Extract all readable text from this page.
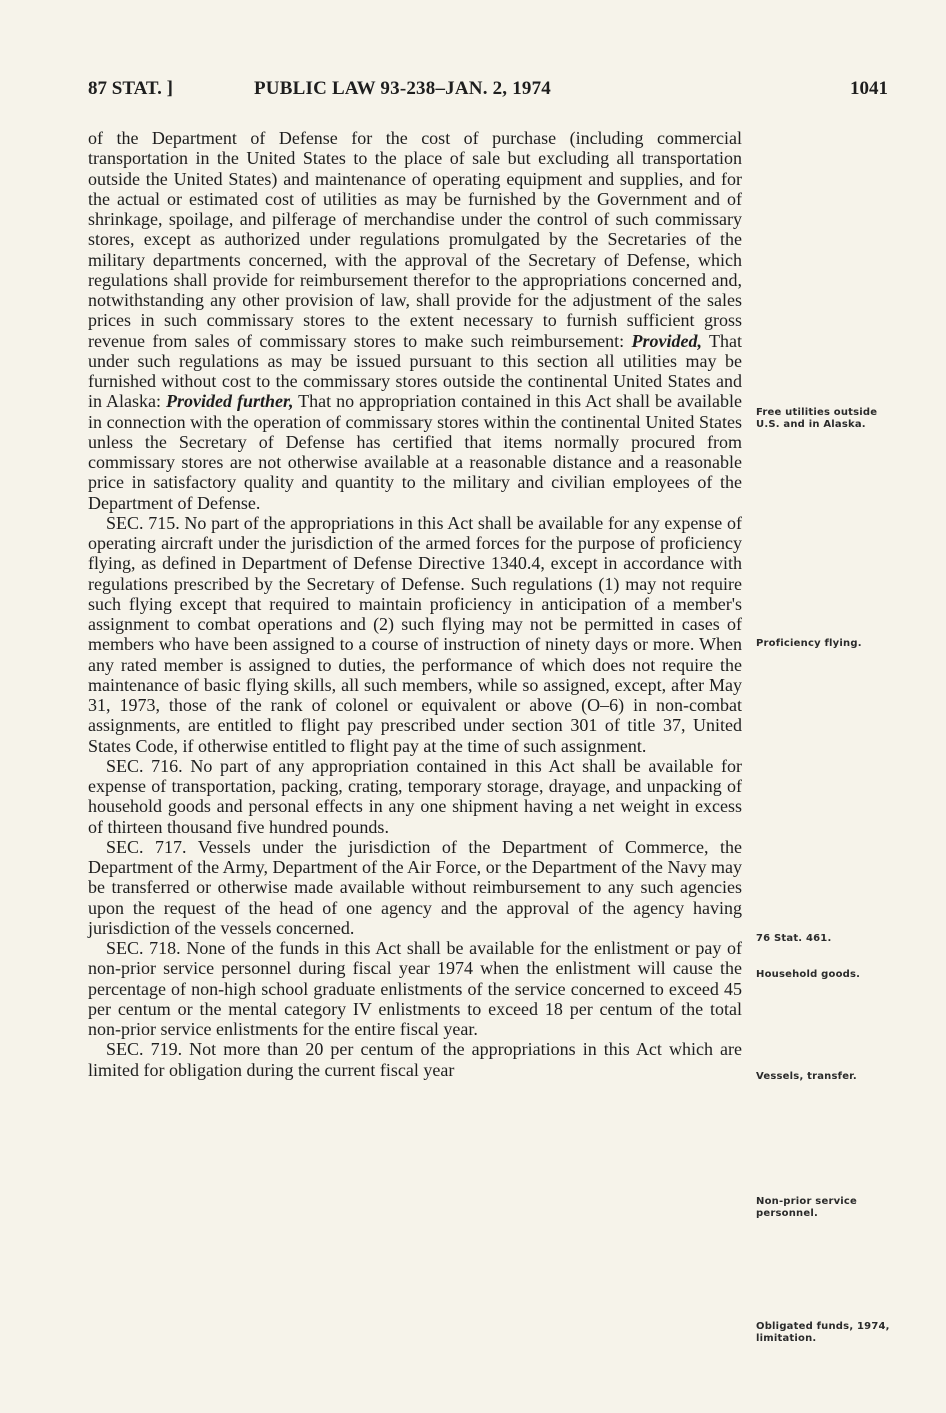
87 STAT. ]	PUBLIC LAW 93-238–JAN. 2, 1974	1041

of the Department of Defense for the cost of purchase (including commercial transportation in the United States to the place of sale but excluding all transportation outside the United States) and maintenance of operating equipment and supplies, and for the actual or estimated cost of utilities as may be furnished by the Government and of shrinkage, spoilage, and pilferage of merchandise under the control of such commissary stores, except as authorized under regulations promulgated by the Secretaries of the military departments concerned, with the approval of the Secretary of Defense, which regulations shall provide for reimbursement therefor to the appropriations concerned and, notwithstanding any other provision of law, shall provide for the adjustment of the sales prices in such commissary stores to the extent necessary to furnish sufficient gross revenue from sales of commissary stores to make such reimbursement: Provided, That under such regulations as may be issued pursuant to this section all utilities may be furnished without cost to the commissary stores outside the continental United States and in Alaska: Provided further, That no appropriation contained in this Act shall be available in connection with the operation of commissary stores within the continental United States unless the Secretary of Defense has certified that items normally procured from commissary stores are not otherwise available at a reasonable distance and a reasonable price in satisfactory quality and quantity to the military and civilian employees of the Department of Defense.

SEC. 715. No part of the appropriations in this Act shall be available for any expense of operating aircraft under the jurisdiction of the armed forces for the purpose of proficiency flying, as defined in Department of Defense Directive 1340.4, except in accordance with regulations prescribed by the Secretary of Defense. Such regulations (1) may not require such flying except that required to maintain proficiency in anticipation of a member's assignment to combat operations and (2) such flying may not be permitted in cases of members who have been assigned to a course of instruction of ninety days or more. When any rated member is assigned to duties, the performance of which does not require the maintenance of basic flying skills, all such members, while so assigned, except, after May 31, 1973, those of the rank of colonel or equivalent or above (O–6) in non-combat assignments, are entitled to flight pay prescribed under section 301 of title 37, United States Code, if otherwise entitled to flight pay at the time of such assignment.

SEC. 716. No part of any appropriation contained in this Act shall be available for expense of transportation, packing, crating, temporary storage, drayage, and unpacking of household goods and personal effects in any one shipment having a net weight in excess of thirteen thousand five hundred pounds.

SEC. 717. Vessels under the jurisdiction of the Department of Commerce, the Department of the Army, Department of the Air Force, or the Department of the Navy may be transferred or otherwise made available without reimbursement to any such agencies upon the request of the head of one agency and the approval of the agency having jurisdiction of the vessels concerned.

SEC. 718. None of the funds in this Act shall be available for the enlistment or pay of non-prior service personnel during fiscal year 1974 when the enlistment will cause the percentage of non-high school graduate enlistments of the service concerned to exceed 45 per centum or the mental category IV enlistments to exceed 18 per centum of the total non-prior service enlistments for the entire fiscal year.

SEC. 719. Not more than 20 per centum of the appropriations in this Act which are limited for obligation during the current fiscal year

Free utilities outside U.S. and in Alaska.
Proficiency flying.
76 Stat. 461.
Household goods.
Vessels, transfer.
Non-prior service personnel.
Obligated funds, 1974, limitation.
